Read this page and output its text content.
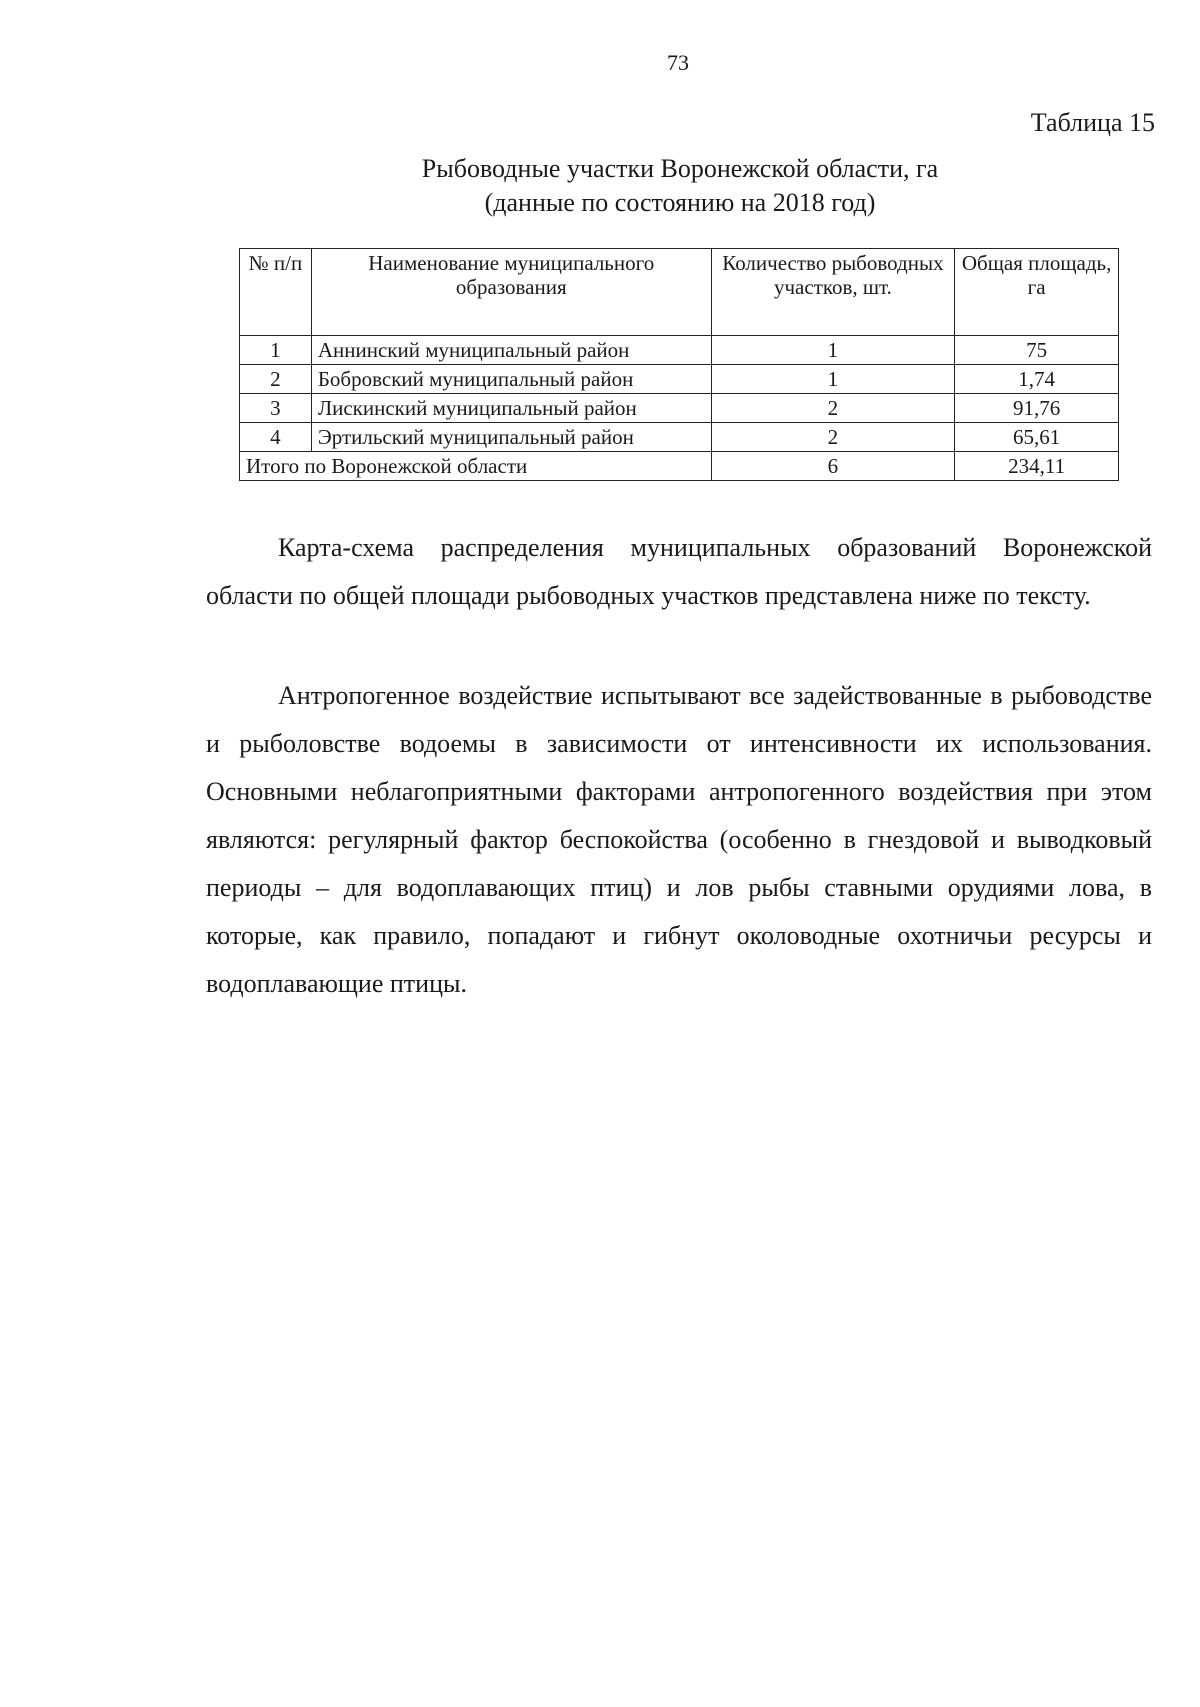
73
Таблица 15
Рыбоводные участки Воронежской области, га
(данные по состоянию на 2018 год)
№ п/п	Наименование муниципального образования	Количество рыбоводных участков, шт.	Общая площадь, га
1	Аннинский муниципальный район	1	75
2	Бобровский муниципальный район	1	1,74
3	Лискинский муниципальный район	2	91,76
4	Эртильский муниципальный район	2	65,61
Итого по Воронежской области		6	234,11

Карта-схема распределения муниципальных образований Воронежской области по общей площади рыбоводных участков представлена ниже по тексту.

Антропогенное воздействие испытывают все задействованные в рыбоводстве и рыболовстве водоемы в зависимости от интенсивности их использования. Основными неблагоприятными факторами антропогенного воздействия при этом являются: регулярный фактор беспокойства (особенно в гнездовой и выводковый периоды – для водоплавающих птиц) и лов рыбы ставными орудиями лова, в которые, как правило, попадают и гибнут околоводные охотничьи ресурсы и водоплавающие птицы.
